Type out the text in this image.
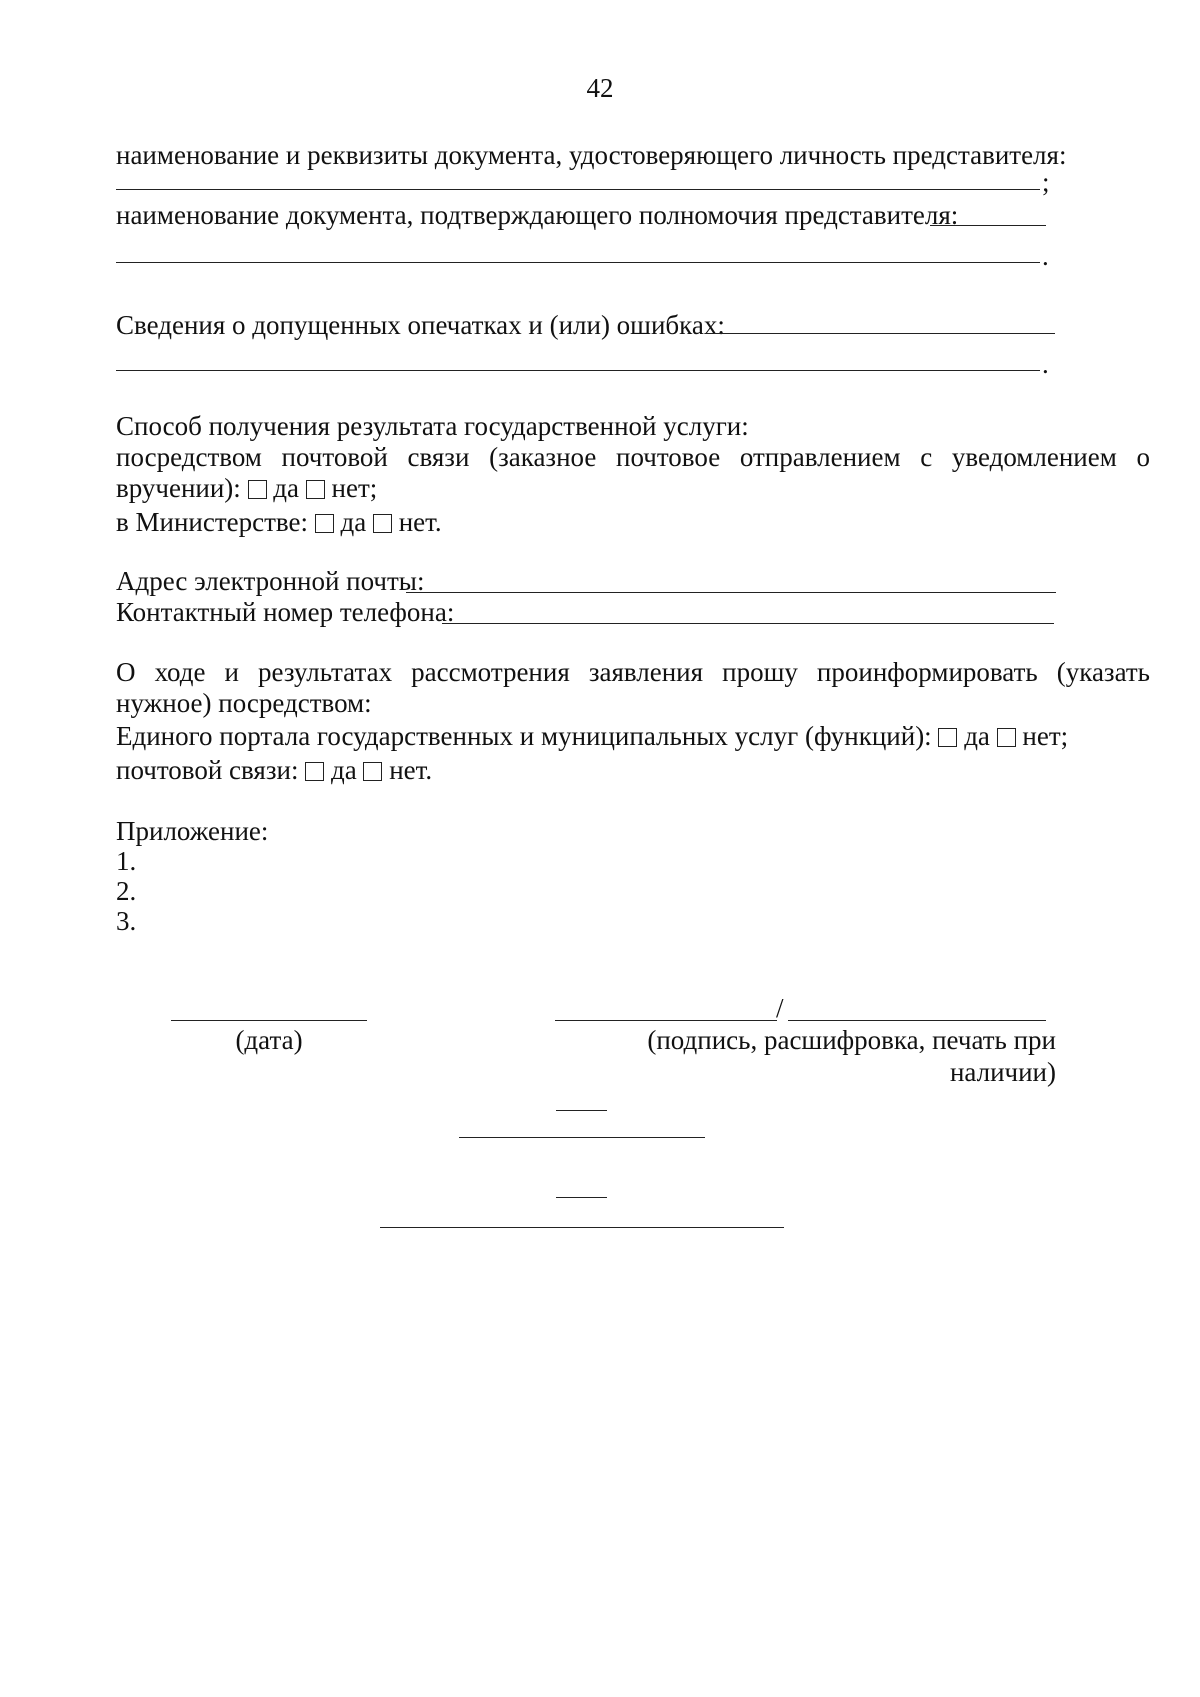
42
наименование и реквизиты документа, удостоверяющего личность представителя:
;
наименование документа, подтверждающего полномочия представителя:
.
Сведения о допущенных опечатках и (или) ошибках:
.
Способ получения результата государственной услуги:
посредством почтовой связи (заказное почтовое отправлением с уведомлением о
вручении): да нет;
в Министерстве: да нет.
Адрес электронной почты:
Контактный номер телефона:
О ходе и результатах рассмотрения заявления прошу проинформировать (указать
нужное) посредством:
Единого портала государственных и муниципальных услуг (функций): да нет;
почтовой связи: да нет.
Приложение:
1.
2.
3.
/
(дата)	(подпись, расшифровка, печать при наличии)
